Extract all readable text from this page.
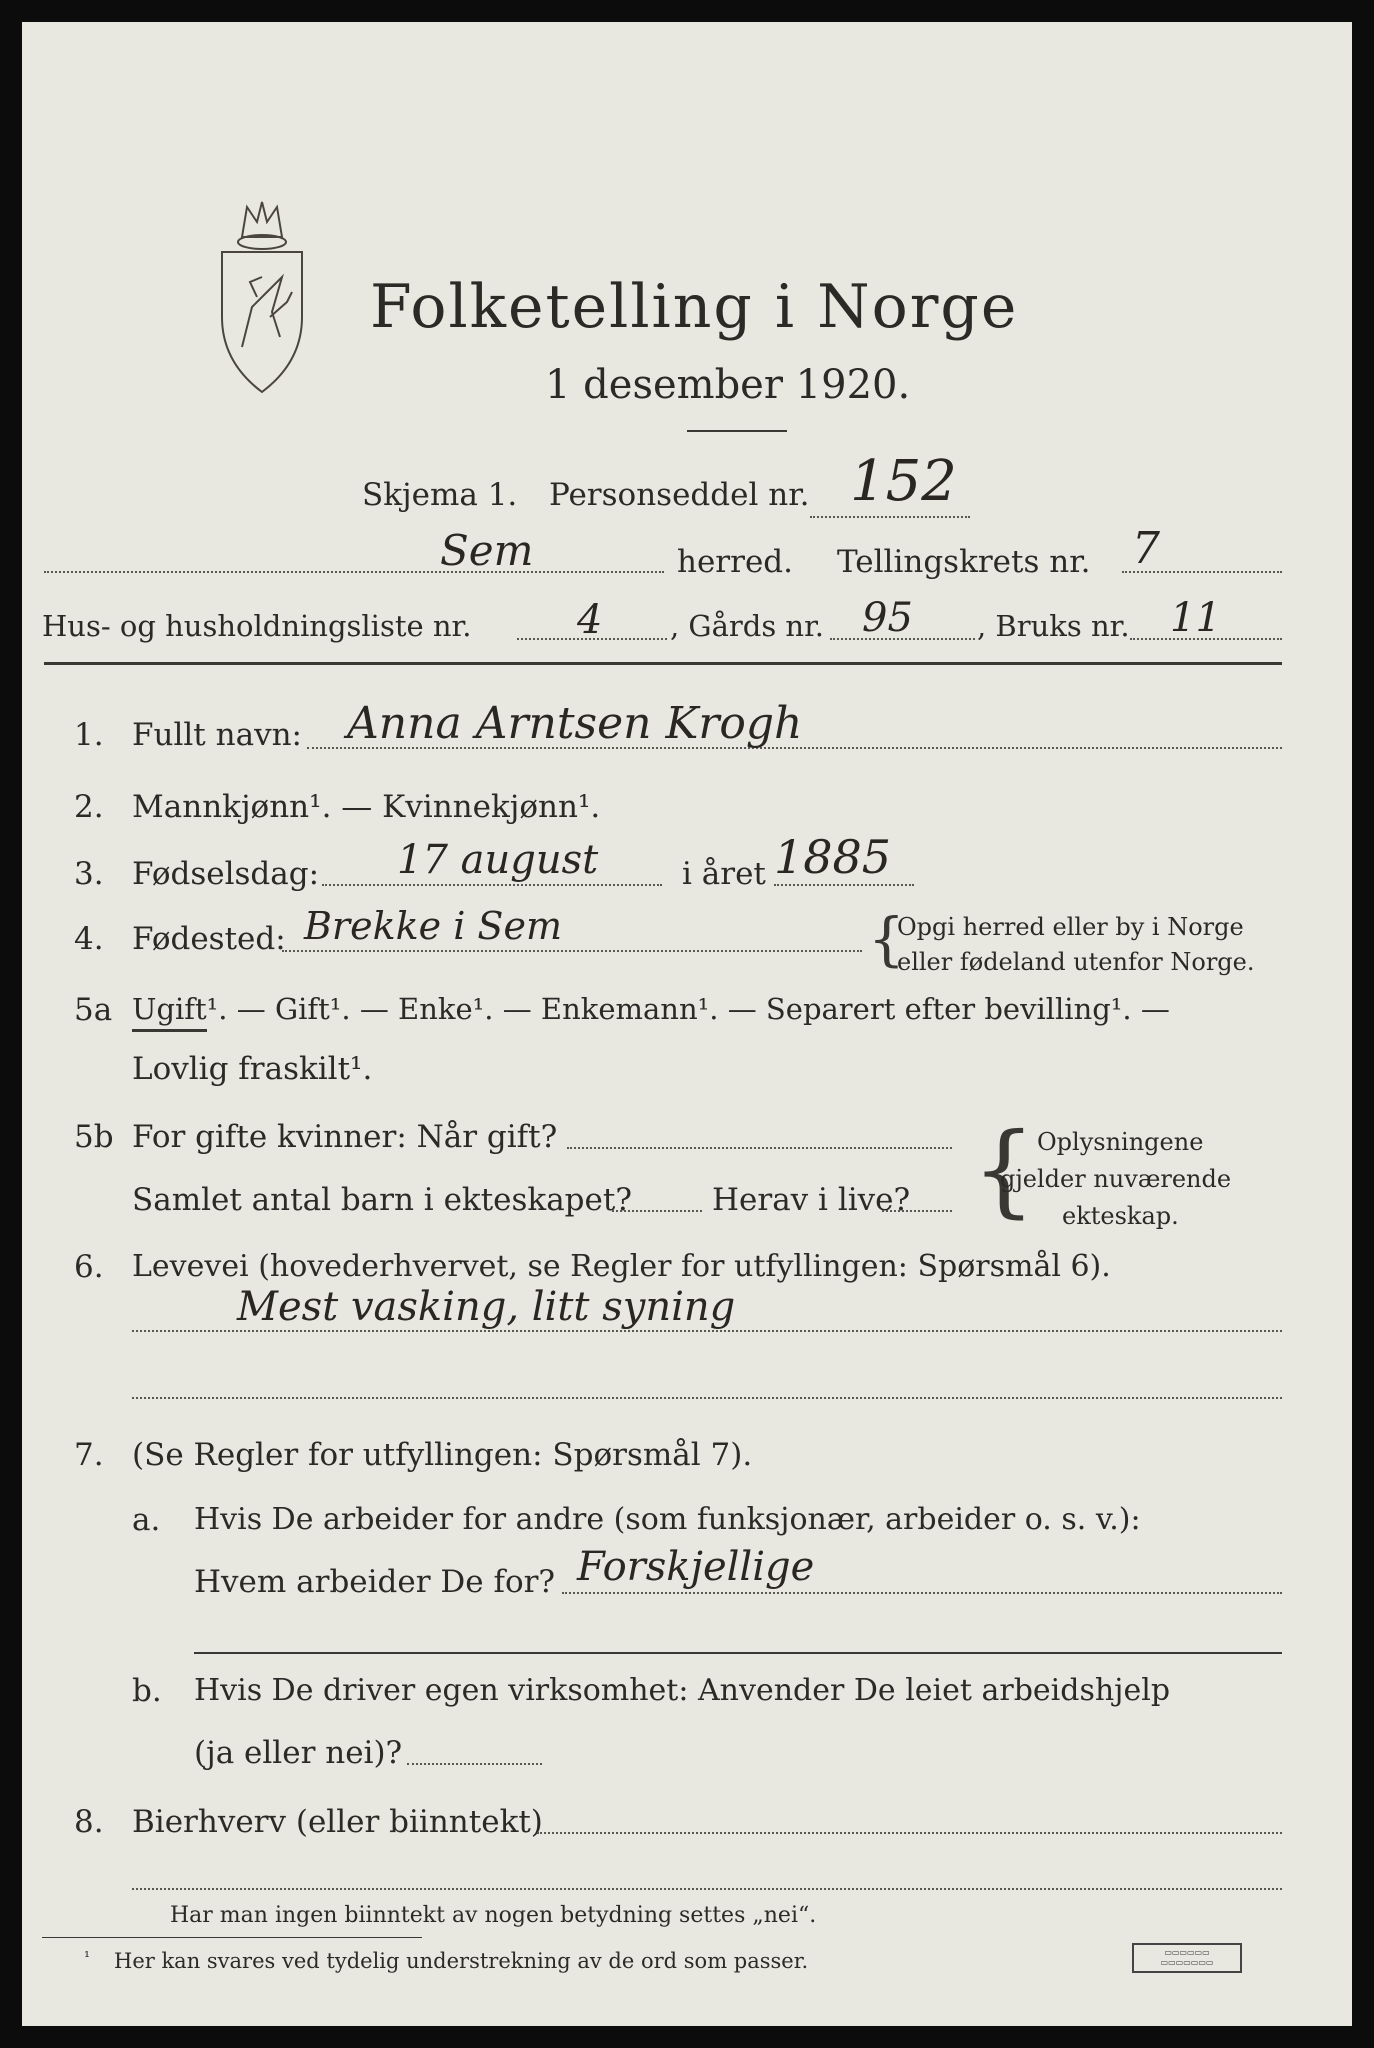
Folketelling i Norge
1 desember 1920.
Skjema 1. Personseddel nr. 152
Sem	herred. Tellingskrets nr. 7
Hus- og husholdningsliste nr.	4 , Gårds nr. 95 , Bruks nr. 11
1. Fullt navn: Anna Arntsen Krogh
2. Mannkjønn¹. — Kvinnekjønn¹.
3. Fødselsdag: 17 august	i året 1885
4. Fødested: Brekke i Sem	{
Opgi herred eller by i Norge
eller fødeland utenfor Norge.
5a Ugift¹. — Gift¹. — Enke¹. — Enkemann¹. — Separert efter bevilling¹. —
Lovlig fraskilt¹.
5b For gifte kvinner: Når gift?
Samlet antal barn i ekteskapet?	Herav i live? { Oplysningene
gjelder nuværende
ekteskap.
6. Levevei (hovederhvervet, se Regler for utfyllingen: Spørsmål 6).
Mest vasking, litt syning
7. (Se Regler for utfyllingen: Spørsmål 7).
a. Hvis De arbeider for andre (som funksjonær, arbeider o. s. v.):
Hvem arbeider De for? Forskjellige
b. Hvis De driver egen virksomhet: Anvender De leiet arbeidshjelp
(ja eller nei)?
8. Bierhverv (eller biinntekt)
Har man ingen biinntekt av nogen betydning settes „nei“.
¹ Her kan svares ved tydelig understrekning av de ord som passer.	▭▭▭▭▭▭
▭▭▭▭▭▭▭
